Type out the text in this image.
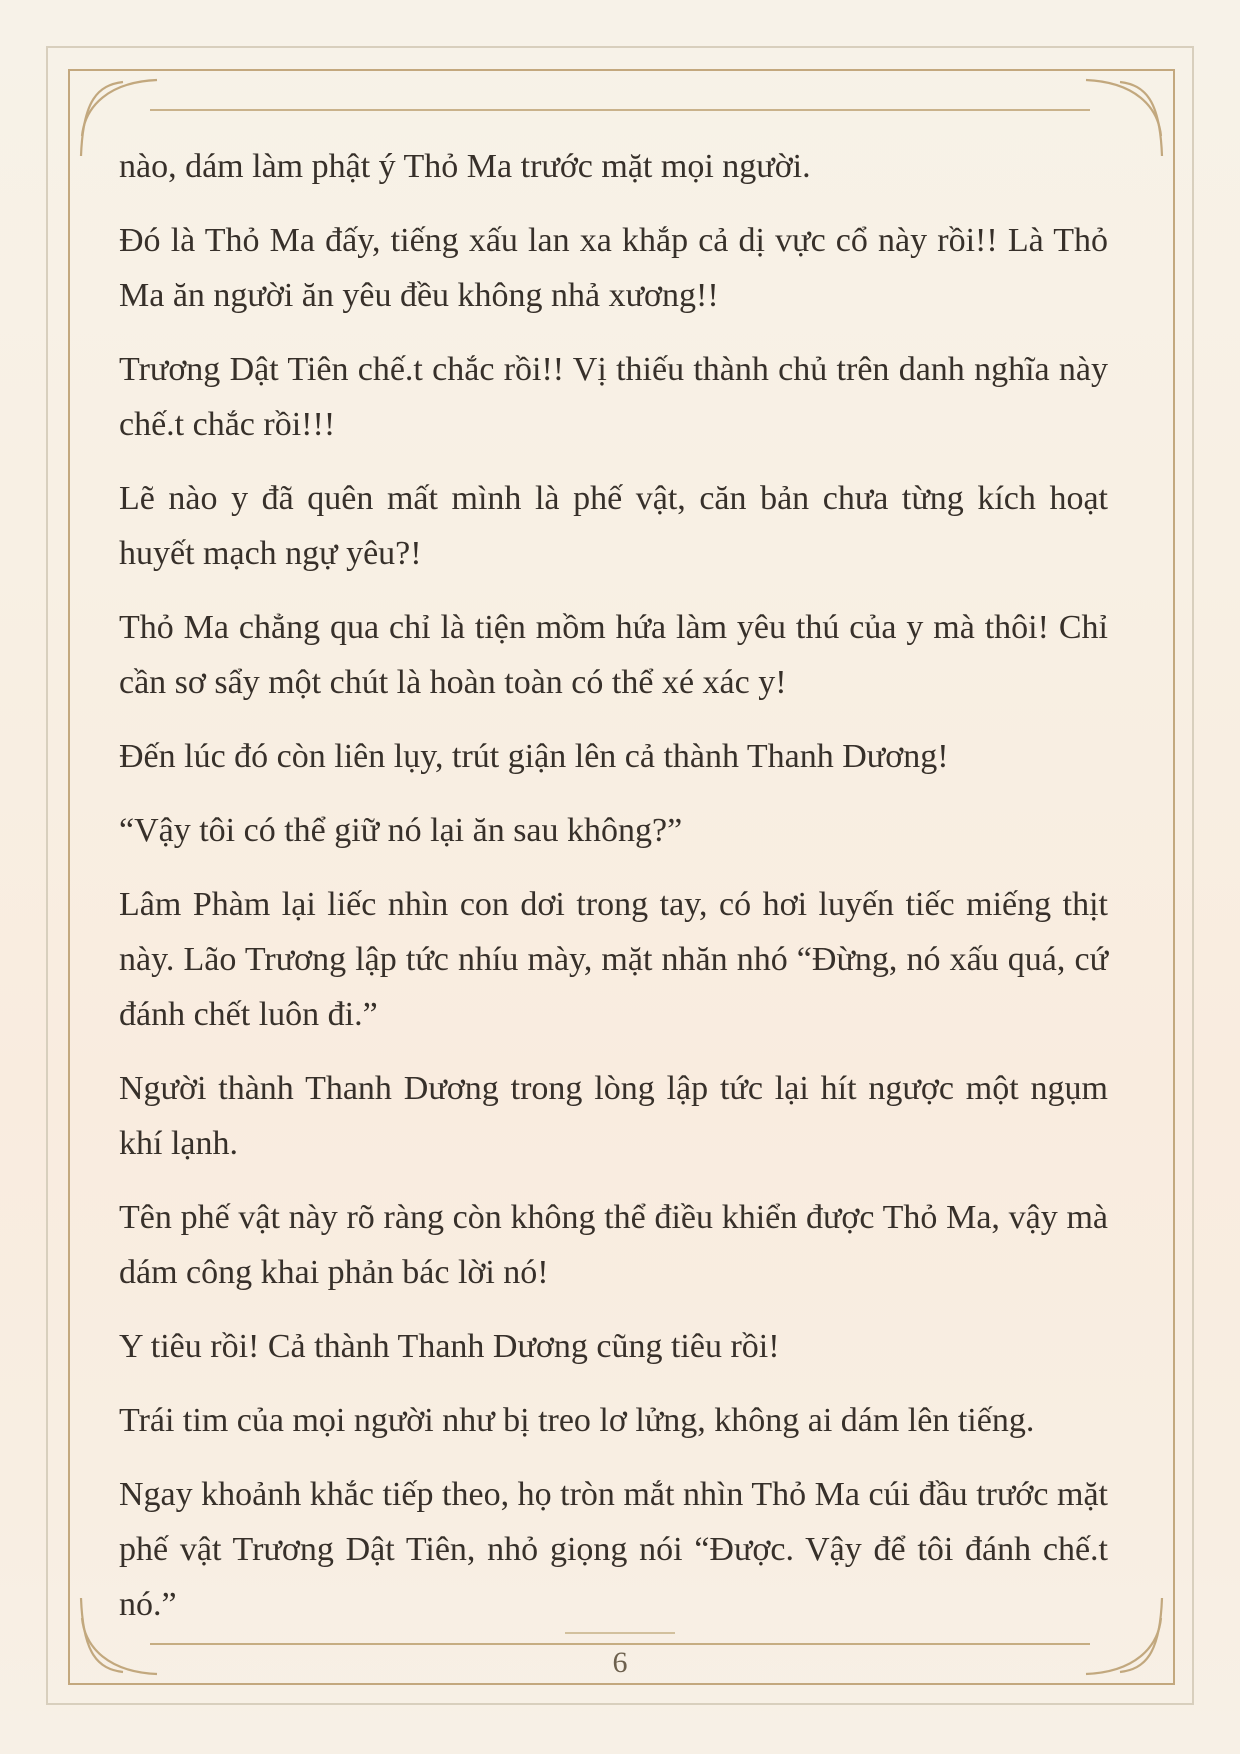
nào, dám làm phật ý Thỏ Ma trước mặt mọi người.

Đó là Thỏ Ma đấy, tiếng xấu lan xa khắp cả dị vực cổ này rồi!! Là Thỏ Ma ăn người ăn yêu đều không nhả xương!!

Trương Dật Tiên chế.t chắc rồi!! Vị thiếu thành chủ trên danh nghĩa này chế.t chắc rồi!!!

Lẽ nào y đã quên mất mình là phế vật, căn bản chưa từng kích hoạt huyết mạch ngự yêu?!

Thỏ Ma chẳng qua chỉ là tiện mồm hứa làm yêu thú của y mà thôi! Chỉ cần sơ sẩy một chút là hoàn toàn có thể xé xác y!

Đến lúc đó còn liên lụy, trút giận lên cả thành Thanh Dương!

“Vậy tôi có thể giữ nó lại ăn sau không?”

Lâm Phàm lại liếc nhìn con dơi trong tay, có hơi luyến tiếc miếng thịt này. Lão Trương lập tức nhíu mày, mặt nhăn nhó “Đừng, nó xấu quá, cứ đánh chết luôn đi.”

Người thành Thanh Dương trong lòng lập tức lại hít ngược một ngụm khí lạnh.

Tên phế vật này rõ ràng còn không thể điều khiển được Thỏ Ma, vậy mà dám công khai phản bác lời nó!

Y tiêu rồi! Cả thành Thanh Dương cũng tiêu rồi!

Trái tim của mọi người như bị treo lơ lửng, không ai dám lên tiếng.

Ngay khoảnh khắc tiếp theo, họ tròn mắt nhìn Thỏ Ma cúi đầu trước mặt phế vật Trương Dật Tiên, nhỏ giọng nói “Được. Vậy để tôi đánh chế.t nó.”

6
